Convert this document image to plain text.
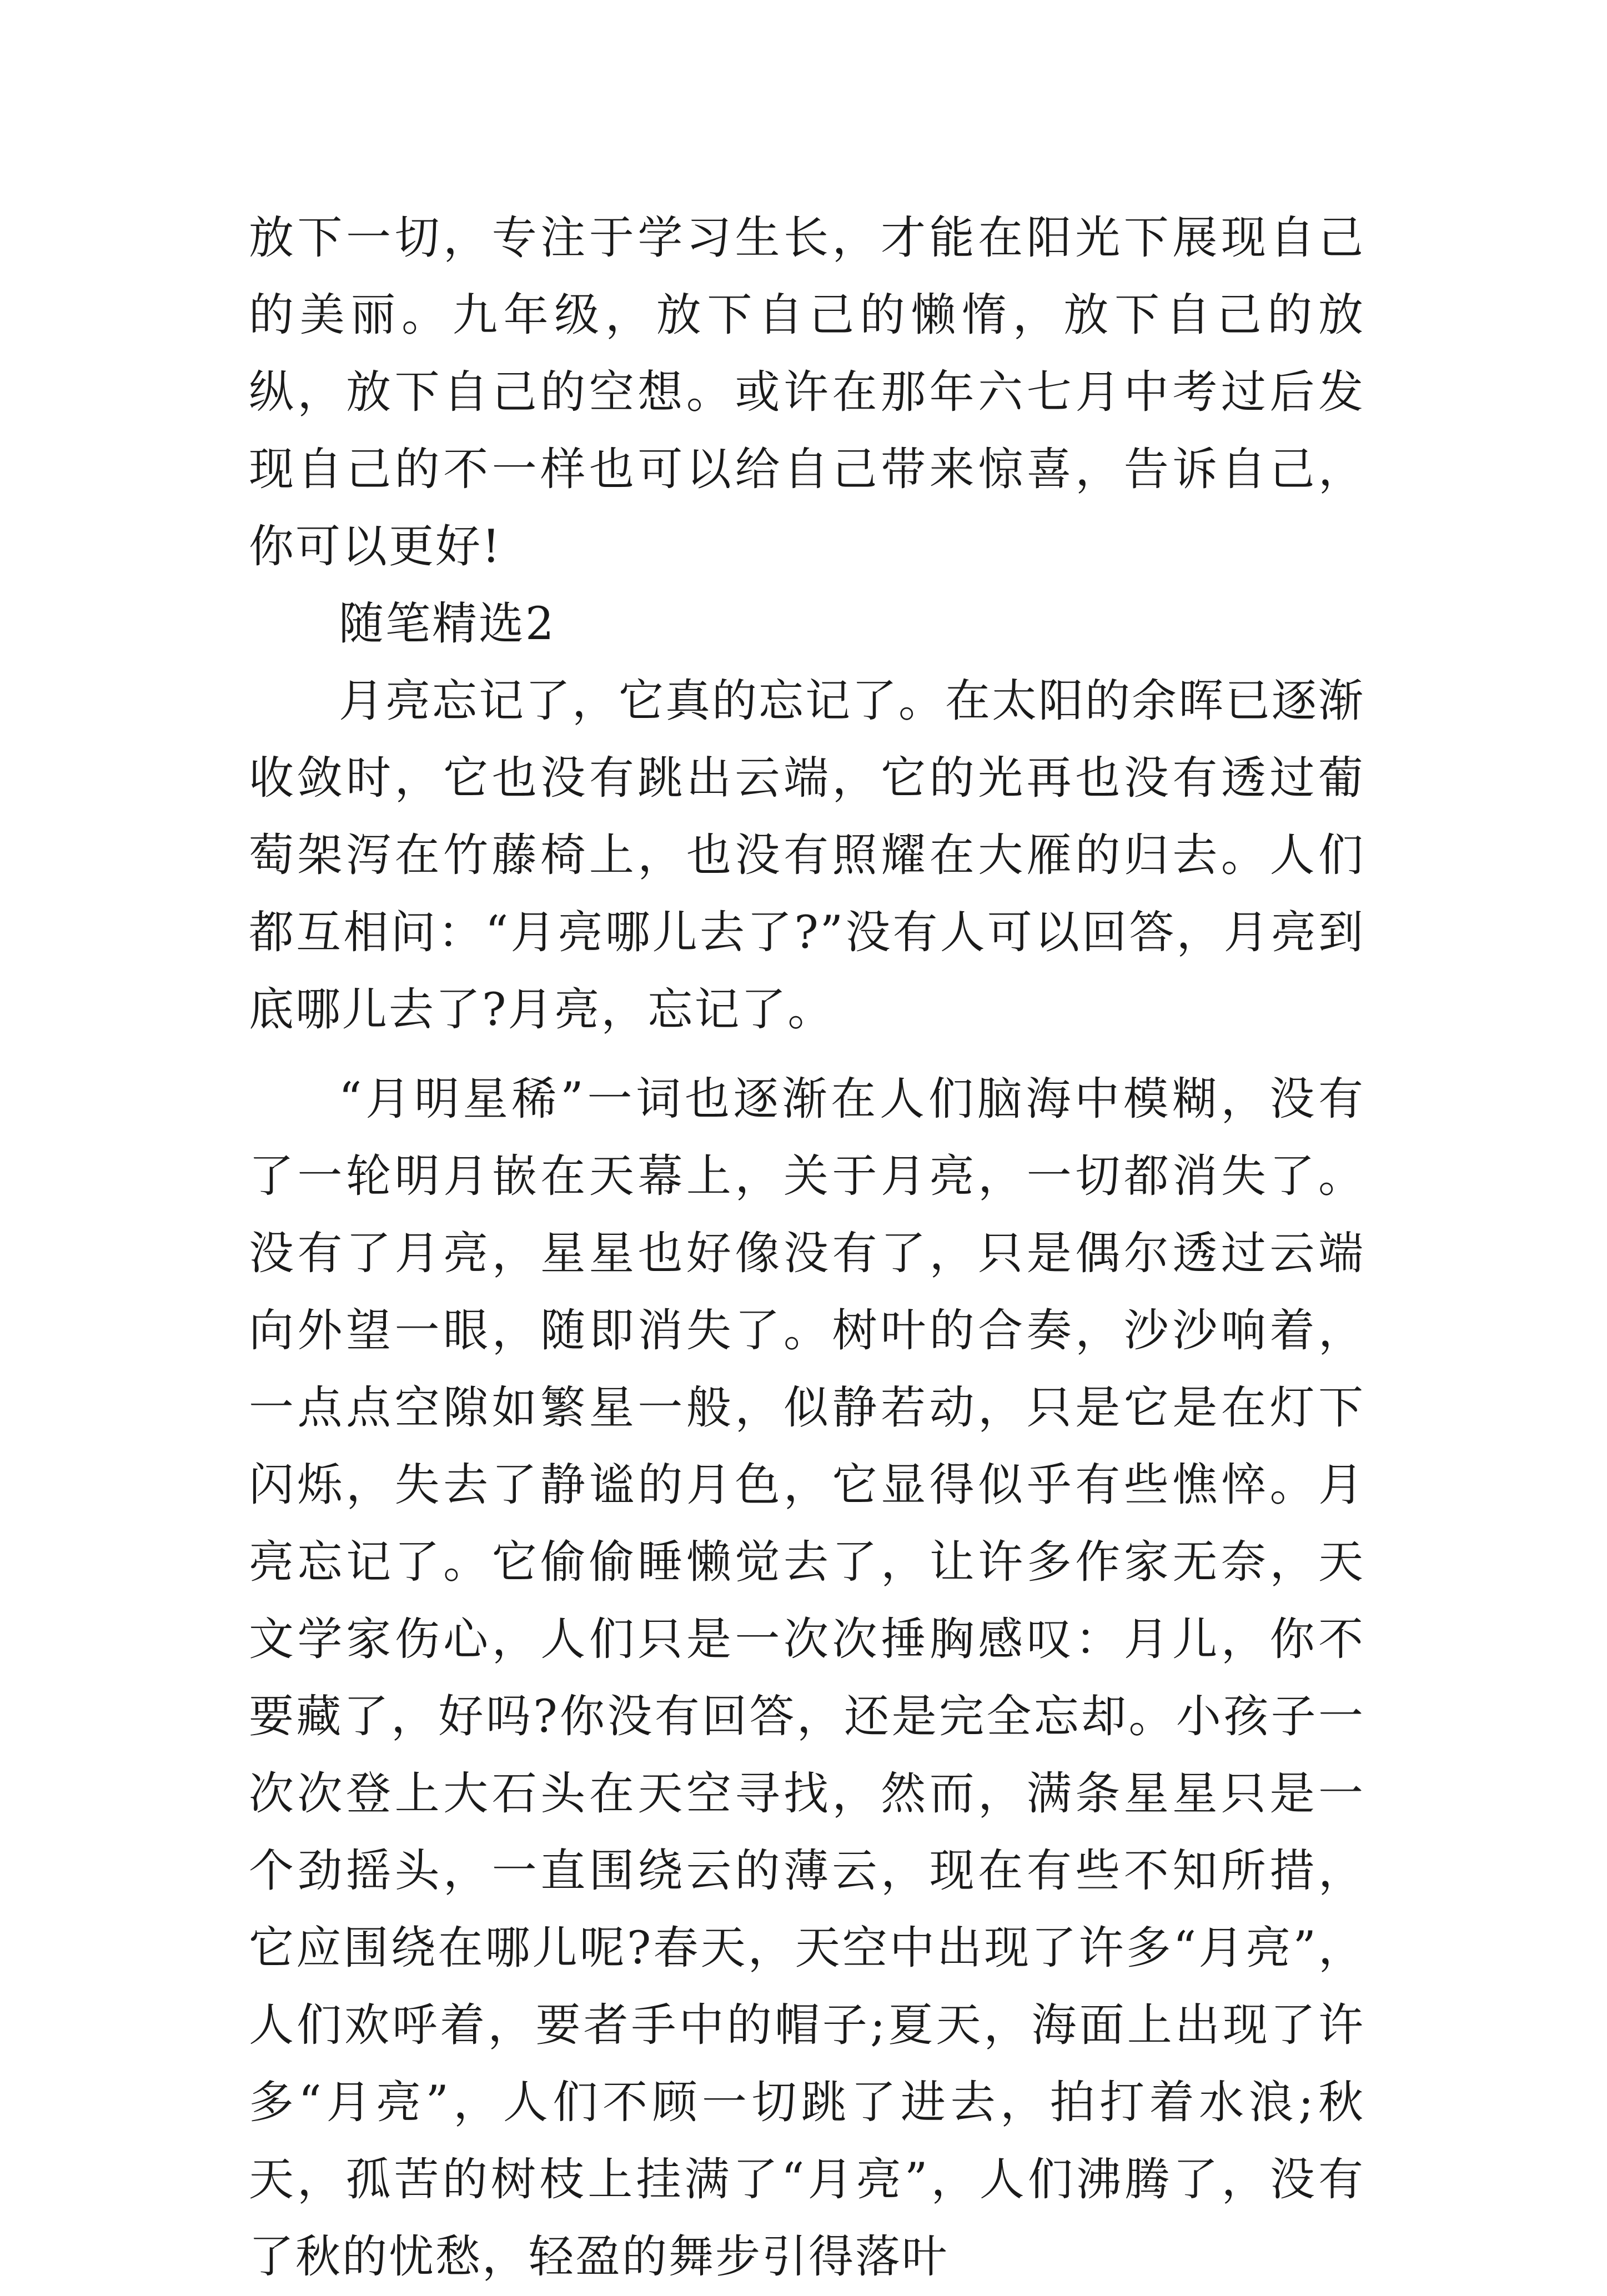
放下一切，专注于学习生长，才能在阳光下展现自己的美丽。九年级，放下自己的懒惰，放下自己的放纵，放下自己的空想。或许在那年六七月中考过后发现自己的不一样也可以给自己带来惊喜，告诉自己，你可以更好!

随笔精选2

月亮忘记了，它真的忘记了。在太阳的余晖已逐渐收敛时，它也没有跳出云端，它的光再也没有透过葡萄架泻在竹藤椅上，也没有照耀在大雁的归去。人们都互相问：“月亮哪儿去了?”没有人可以回答，月亮到底哪儿去了?月亮，忘记了。

“月明星稀”一词也逐渐在人们脑海中模糊，没有了一轮明月嵌在天幕上，关于月亮，一切都消失了。没有了月亮，星星也好像没有了，只是偶尔透过云端向外望一眼，随即消失了。树叶的合奏，沙沙响着，一点点空隙如繁星一般，似静若动，只是它是在灯下闪烁，失去了静谧的月色，它显得似乎有些憔悴。月亮忘记了。它偷偷睡懒觉去了，让许多作家无奈，天文学家伤心，人们只是一次次捶胸感叹：月儿，你不要藏了，好吗?你没有回答，还是完全忘却。小孩子一次次登上大石头在天空寻找，然而，满条星星只是一个劲摇头，一直围绕云的薄云，现在有些不知所措，它应围绕在哪儿呢?春天，天空中出现了许多“月亮”，人们欢呼着，要者手中的帽子;夏天，海面上出现了许多“月亮”，人们不顾一切跳了进去，拍打着水浪;秋天，孤苦的树枝上挂满了“月亮”，人们沸腾了，没有了秋的忧愁，轻盈的舞步引得落叶
